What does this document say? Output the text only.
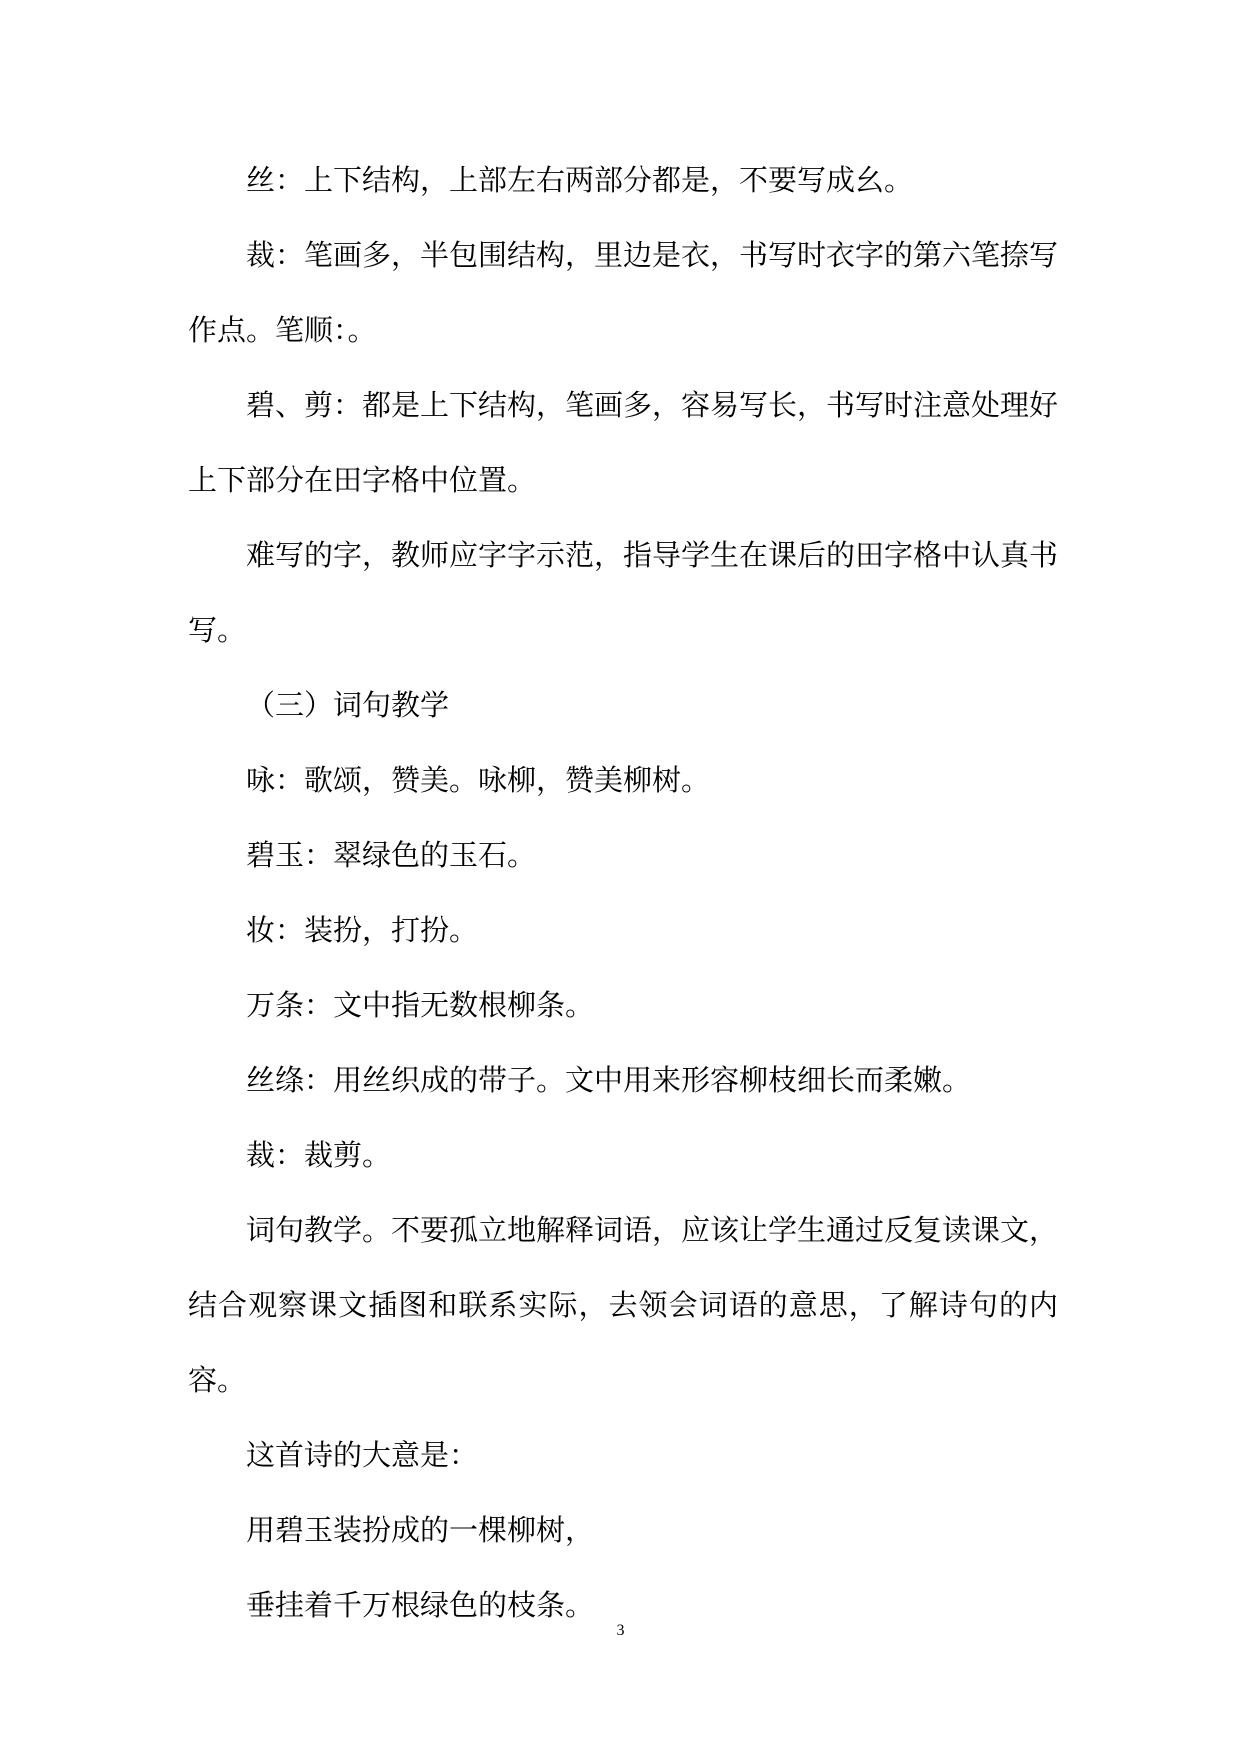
丝：上下结构，上部左右两部分都是，不要写成幺。

裁：笔画多，半包围结构，里边是衣，书写时衣字的第六笔捺写作点。笔顺：。

碧、剪：都是上下结构，笔画多，容易写长，书写时注意处理好上下部分在田字格中位置。

难写的字，教师应字字示范，指导学生在课后的田字格中认真书写。

（三）词句教学

咏：歌颂，赞美。咏柳，赞美柳树。

碧玉：翠绿色的玉石。

妆：装扮，打扮。

万条：文中指无数根柳条。

丝绦：用丝织成的带子。文中用来形容柳枝细长而柔嫩。

裁：裁剪。

词句教学。不要孤立地解释词语，应该让学生通过反复读课文，结合观察课文插图和联系实际，去领会词语的意思，了解诗句的内容。

这首诗的大意是：

用碧玉装扮成的一棵柳树，

垂挂着千万根绿色的枝条。

3
